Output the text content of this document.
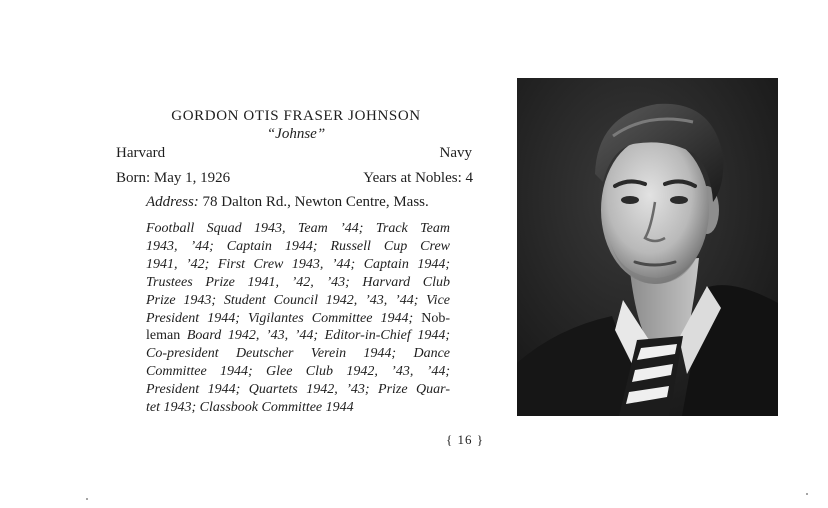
GORDON OTIS FRASER JOHNSON
“Johnse”
Harvard	Navy
Born: May 1, 1926	Years at Nobles: 4
Address: 78 Dalton Rd., Newton Centre, Mass.
Football Squad 1943, Team ’44; Track Team
1943, ’44; Captain 1944; Russell Cup Crew
1941, ’42; First Crew 1943, ’44; Captain 1944;
Trustees Prize 1941, ’42, ’43; Harvard Club
Prize 1943; Student Council 1942, ’43, ’44; Vice
President 1944; Vigilantes Committee 1944; Nob-
leman Board 1942, ’43, ’44; Editor-in-Chief 1944;
Co-president Deutscher Verein 1944; Dance
Committee 1944; Glee Club 1942, ’43, ’44;
President 1944; Quartets 1942, ’43; Prize Quar-
tet 1943; Classbook Committee 1944
{ 16 }
